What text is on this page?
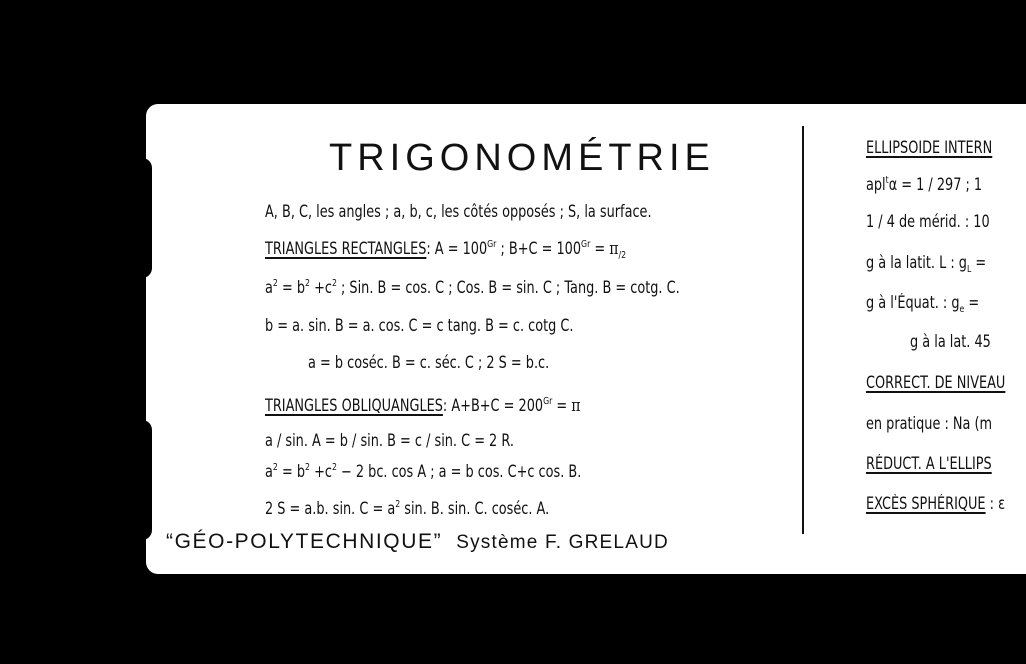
TRIGONOMÉTRIE
A, B, C, les angles ; a, b, c, les côtés opposés ; S, la surface.
TRIANGLES RECTANGLES: $A = 100^{Gr}$ ; $B+C = 100^{Gr} = \pi_{/2}$
$a^2 = b^2 +c^2$ ; Sin. B = cos. C ; Cos. B = sin. C ; Tang. B = cotg. C.
b = a. sin. B = a. cos. C = c tang. B = c. cotg C.
a = b coséc. B = c. séc. C ; 2 S = b.c.
TRIANGLES OBLIQUANGLES: $A+B+C = 200^{Gr} = \pi$
a / sin. A = b / sin. B = c / sin. C = 2 R.
$a^2 = b^2 +c^2 - 2$ bc. cos A ; a = b cos. C+c cos. B.
2 S = a.b. sin. $C = a^2$ sin. B. sin. C. coséc. A.
“GÉO-POLYTECHNIQUE” Système F. GRELAUD
ELLIPSOIDE INTERN
apl$^t$α = 1 / 297 ; 1
1 / 4 de mérid. : 10
g à la latit. L : $g_L$ =
g à l'Équat. : $g_e$ =
g à la lat. 45
CORRECT. DE NIVEAU
en pratique : Na (m
RÉDUCT. A L'ELLIPS
EXCÈS SPHÉRIQUE : ε
